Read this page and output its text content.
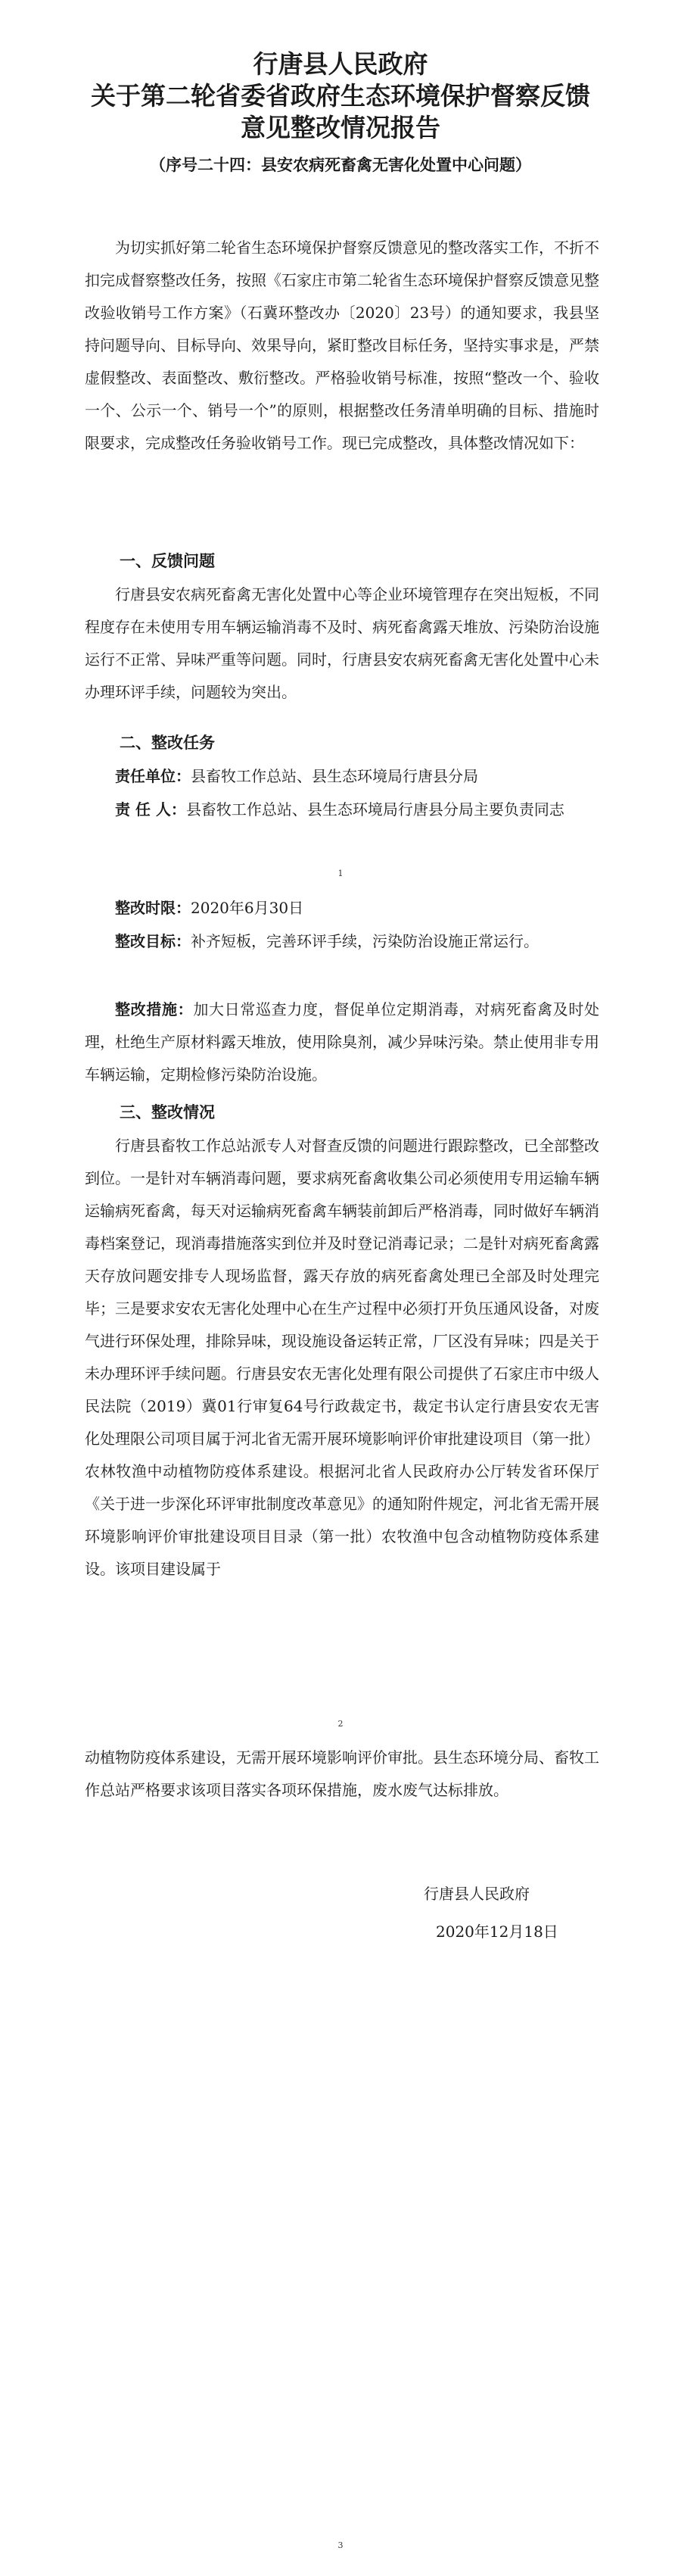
行唐县人民政府
关于第二轮省委省政府生态环境保护督察反馈
意见整改情况报告
（序号二十四：县安农病死畜禽无害化处置中心问题）

为切实抓好第二轮省生态环境保护督察反馈意见的整改落实工作，不折不扣完成督察整改任务，按照《石家庄市第二轮省生态环境保护督察反馈意见整改验收销号工作方案》（石冀环整改办〔2020〕23号）的通知要求，我县坚持问题导向、目标导向、效果导向，紧盯整改目标任务，坚持实事求是，严禁虚假整改、表面整改、敷衍整改。严格验收销号标准，按照“整改一个、验收一个、公示一个、销号一个”的原则，根据整改任务清单明确的目标、措施时限要求，完成整改任务验收销号工作。现已完成整改，具体整改情况如下：

一、反馈问题

行唐县安农病死畜禽无害化处置中心等企业环境管理存在突出短板，不同程度存在未使用专用车辆运输消毒不及时、病死畜禽露天堆放、污染防治设施运行不正常、异味严重等问题。同时，行唐县安农病死畜禽无害化处置中心未办理环评手续，问题较为突出。

二、整改任务

责任单位：县畜牧工作总站、县生态环境局行唐县分局

责 任 人：县畜牧工作总站、县生态环境局行唐县分局主要负责同志

1

整改时限：2020年6月30日

整改目标：补齐短板，完善环评手续，污染防治设施正常运行。

整改措施：加大日常巡查力度，督促单位定期消毒，对病死畜禽及时处理，杜绝生产原材料露天堆放，使用除臭剂，减少异味污染。禁止使用非专用车辆运输，定期检修污染防治设施。

三、整改情况

行唐县畜牧工作总站派专人对督查反馈的问题进行跟踪整改，已全部整改到位。一是针对车辆消毒问题，要求病死畜禽收集公司必须使用专用运输车辆运输病死畜禽，每天对运输病死畜禽车辆装前卸后严格消毒，同时做好车辆消毒档案登记，现消毒措施落实到位并及时登记消毒记录；二是针对病死畜禽露天存放问题安排专人现场监督，露天存放的病死畜禽处理已全部及时处理完毕；三是要求安农无害化处理中心在生产过程中必须打开负压通风设备，对废气进行环保处理，排除异味，现设施设备运转正常，厂区没有异味；四是关于未办理环评手续问题。行唐县安农无害化处理有限公司提供了石家庄市中级人民法院（2019）冀01行审复64号行政裁定书，裁定书认定行唐县安农无害化处理限公司项目属于河北省无需开展环境影响评价审批建设项目（第一批）农林牧渔中动植物防疫体系建设。根据河北省人民政府办公厅转发省环保厅《关于进一步深化环评审批制度改革意见》的通知附件规定，河北省无需开展环境影响评价审批建设项目目录（第一批）农牧渔中包含动植物防疫体系建设。该项目建设属于

2

动植物防疫体系建设，无需开展环境影响评价审批。县生态环境分局、畜牧工作总站严格要求该项目落实各项环保措施，废水废气达标排放。

行唐县人民政府
2020年12月18日
3
